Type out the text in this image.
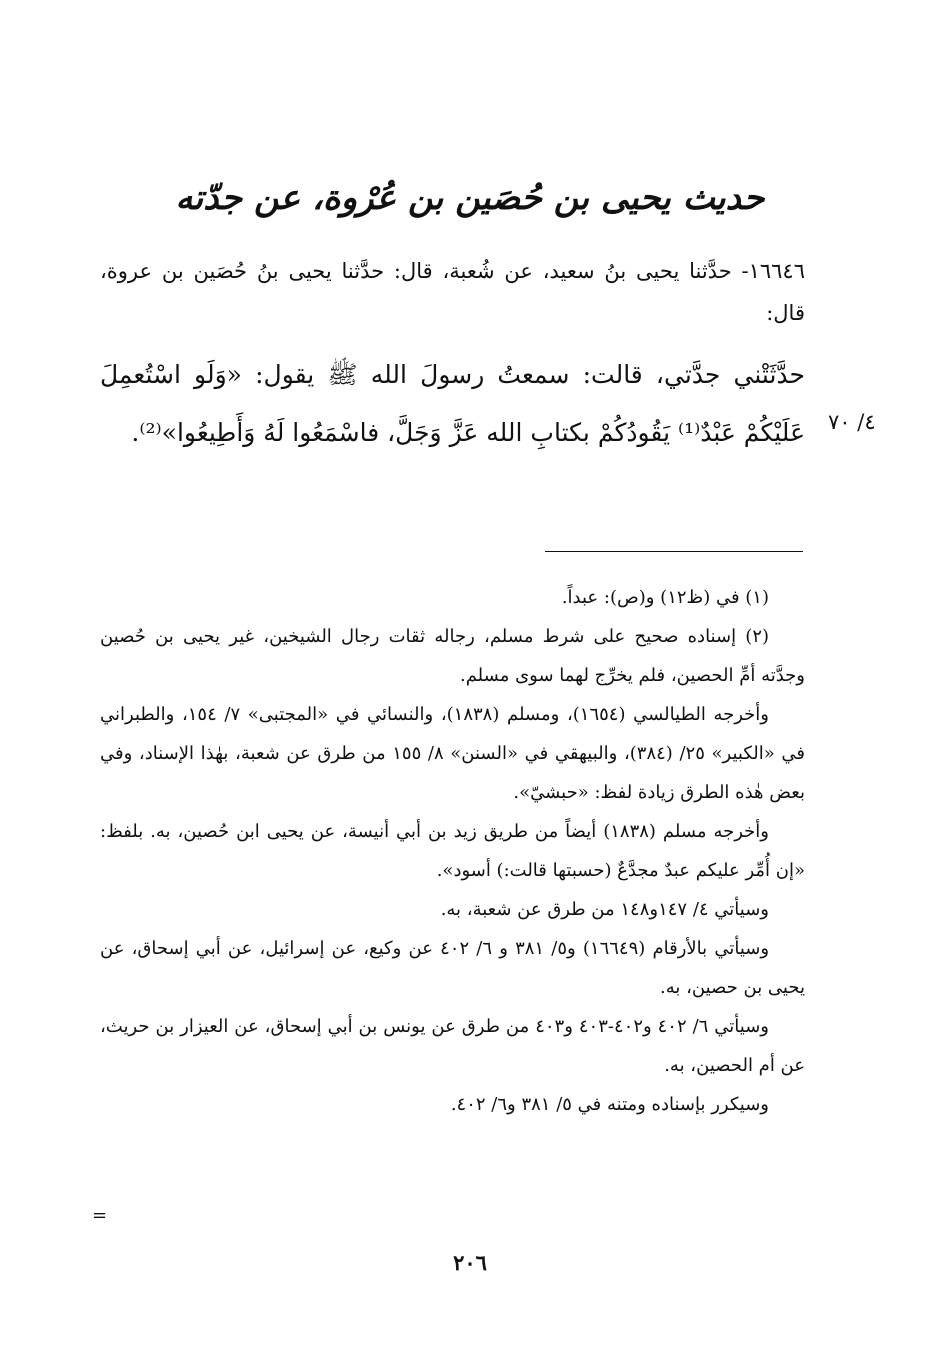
حديث يحيى بن حُصَين بن عُرْوة، عن جدّته

١٦٦٤٦- حدَّثنا يحيى بنُ سعيد، عن شُعبة، قال: حدَّثنا يحيى بنُ حُصَين بن عروة، قال:

حدَّثَتْني جدَّتي، قالت: سمعتُ رسولَ الله ﷺ يقول: «وَلَو اسْتُعمِلَ عَلَيْكُمْ عَبْدٌ⁽¹⁾ يَقُودُكُمْ بكتابِ الله عَزَّ وَجَلَّ، فاسْمَعُوا لَهُ وَأَطِيعُوا»⁽²⁾. ٤/ ٧٠

(١) في (ظ١٢) و(ص): عبداً.

(٢) إسناده صحيح على شرط مسلم، رجاله ثقات رجال الشيخين، غير يحيى بن حُصين وجدَّته أمِّ الحصين، فلم يخرِّج لهما سوى مسلم.

وأخرجه الطيالسي (١٦٥٤)، ومسلم (١٨٣٨)، والنسائي في «المجتبى» ٧/ ١٥٤، والطبراني في «الكبير» ٢٥/ (٣٨٤)، والبيهقي في «السنن» ٨/ ١٥٥ من طرق عن شعبة، بهٰذا الإسناد، وفي بعض هٰذه الطرق زيادة لفظ: «حبشيّ».

وأخرجه مسلم (١٨٣٨) أيضاً من طريق زيد بن أبي أنيسة، عن يحيى ابن حُصين، به. بلفظ: «إن أُمِّر عليكم عبدٌ مجدَّعٌ (حسبتها قالت:) أسود».

وسيأتي ٤/ ١٤٧و١٤٨ من طرق عن شعبة، به.

وسيأتي بالأرقام (١٦٦٤٩) و٥/ ٣٨١ و ٦/ ٤٠٢ عن وكيع، عن إسرائيل، عن أبي إسحاق، عن يحيى بن حصين، به.

وسيأتي ٦/ ٤٠٢ و٤٠٢-٤٠٣ و٤٠٣ من طرق عن يونس بن أبي إسحاق، عن العيزار بن حريث، عن أم الحصين، به.

وسيكرر بإسناده ومتنه في ٥/ ٣٨١ و٦/ ٤٠٢.

=
٢٠٦
